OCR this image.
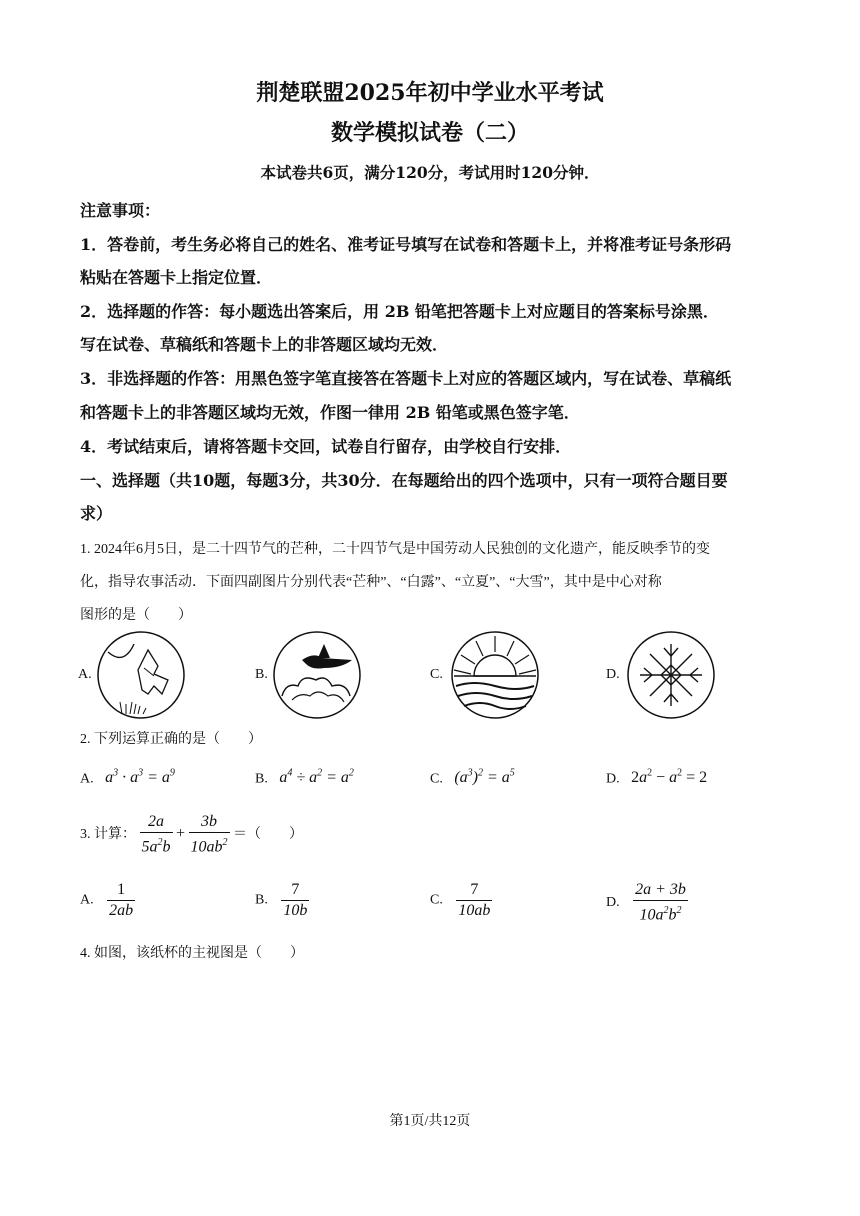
荆楚联盟2025年初中学业水平考试
数学模拟试卷（二）
本试卷共6页，满分120分，考试用时120分钟．
注意事项：
1．答卷前，考生务必将自己的姓名、准考证号填写在试卷和答题卡上，并将准考证号条形码
粘贴在答题卡上指定位置．
2．选择题的作答：每小题选出答案后，用 2B 铅笔把答题卡上对应题目的答案标号涂黑．
写在试卷、草稿纸和答题卡上的非答题区域均无效．
3．非选择题的作答：用黑色签字笔直接答在答题卡上对应的答题区域内，写在试卷、草稿纸
和答题卡上的非答题区域均无效，作图一律用 2B 铅笔或黑色签字笔．
4．考试结束后，请将答题卡交回，试卷自行留存，由学校自行安排．
一、选择题（共10题，每题3分，共30分．在每题给出的四个选项中，只有一项符合题目要
求）
1. 2024年6月5日，是二十四节气的芒种，二十四节气是中国劳动人民独创的文化遗产，能反映季节的变
化，指导农事活动．下面四副图片分别代表“芒种”、“白露”、“立夏”、“大雪”，其中是中心对称
图形的是（　　）
A.	B.	C.	D.
2. 下列运算正确的是（　　）
A. $a^3 \cdot a^3 = a^9$	B. $a^4 \div a^2 = a^2$	C. $(a^3)^2 = a^5$	D. $2a^2 - a^2 = 2$
3. 计算： $\frac{2a}{5a^2b} + \frac{3b}{10ab^2}$ ＝（　　）
A. $\frac{1}{2ab}$	B. $\frac{7}{10b}$	C. $\frac{7}{10ab}$	D. $\frac{2a + 3b}{10a^2b^2}$
4. 如图，该纸杯的主视图是（　　）
第1页/共12页
